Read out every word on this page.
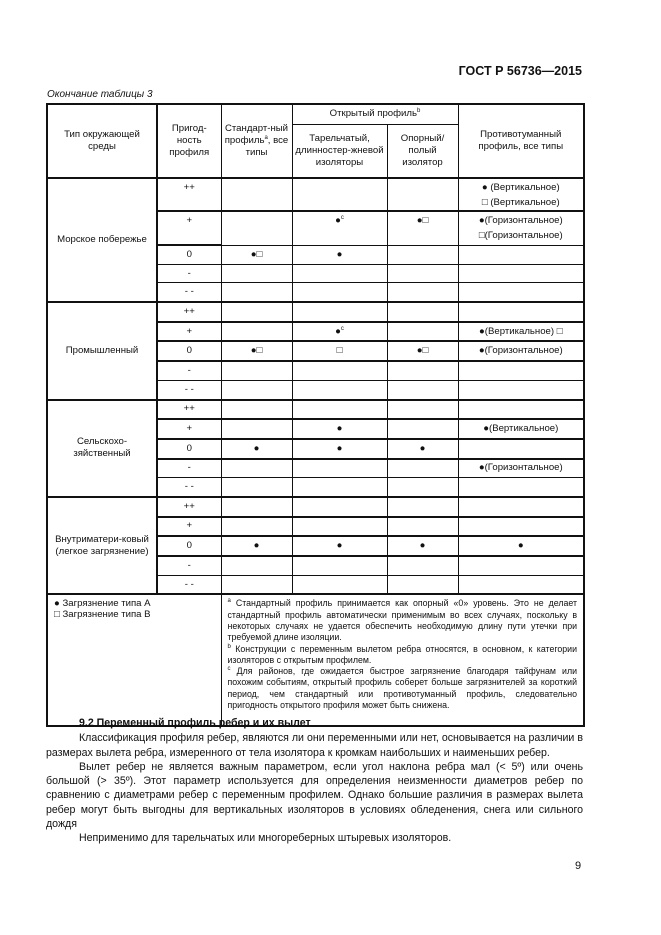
ГОСТ Р 56736—2015
Окончание таблицы 3
Тип окружающей среды	Пригод-ность профиля	Стандарт-ный профиль$^a$, все типы	Открытый профиль$^b$		Противотуманный профиль, все типы
			Тарельчатый, длинностер-жневой изоляторы	Опорный/ полый изолятор	
Морское побережье	++				● (Вертикальное)
□ (Вертикальное)

	+		●$^c$	●□	●(Горизонтальное)
□(Горизонтальное)

	0	●□	●		
	-				
	- -				
Промышленный	++				
	+		●$^c$		●(Вертикальное) □
	0	●□	□	●□	●(Горизонтальное)
	-				
	- -				
Сельскохо-зяйственный	++				
	+		●		●(Вертикальное)
	0	●	●	●	
	-				●(Горизонтальное)
	- -				
Внутриматери-ковый (легкое загрязнение)	++				
	+				
	0	●	●	●	●
	-				
	- -				

● Загрязнение типа A
□ Загрязнение типа B

$^a$ Стандартный профиль принимается как опорный «0» уровень. Это не делает стандартный профиль автоматически применимым во всех случаях, поскольку в некоторых случаях не удается обеспечить необходимую длину пути утечки при требуемой длине изоляции.

$^b$ Конструкции с переменным вылетом ребра относятся, в основном, к категории изоляторов с открытым профилем.

$^c$ Для районов, где ожидается быстрое загрязнение благодаря тайфунам или похожим событиям, открытый профиль соберет больше загрязнителей за короткий период, чем стандартный или противотуманный профиль, следовательно пригодность открытого профиля может быть снижена.

9.2 Переменный профиль ребер и их вылет

Классификация профиля ребер, являются ли они переменными или нет, основывается на различии в размерах вылета ребра, измеренного от тела изолятора к кромкам наибольших и наименьших ребер.

Вылет ребер не является важным параметром, если угол наклона ребра мал (< 5º) или очень большой (> 35º). Этот параметр используется для определения неизменности диаметров ребер по сравнению с диаметрами ребер с переменным профилем. Однако большие различия в размерах вылета ребер могут быть выгодны для вертикальных изоляторов в условиях обледенения, снега или сильного дождя

Неприменимо для тарельчатых или многореберных штыревых изоляторов.

9
